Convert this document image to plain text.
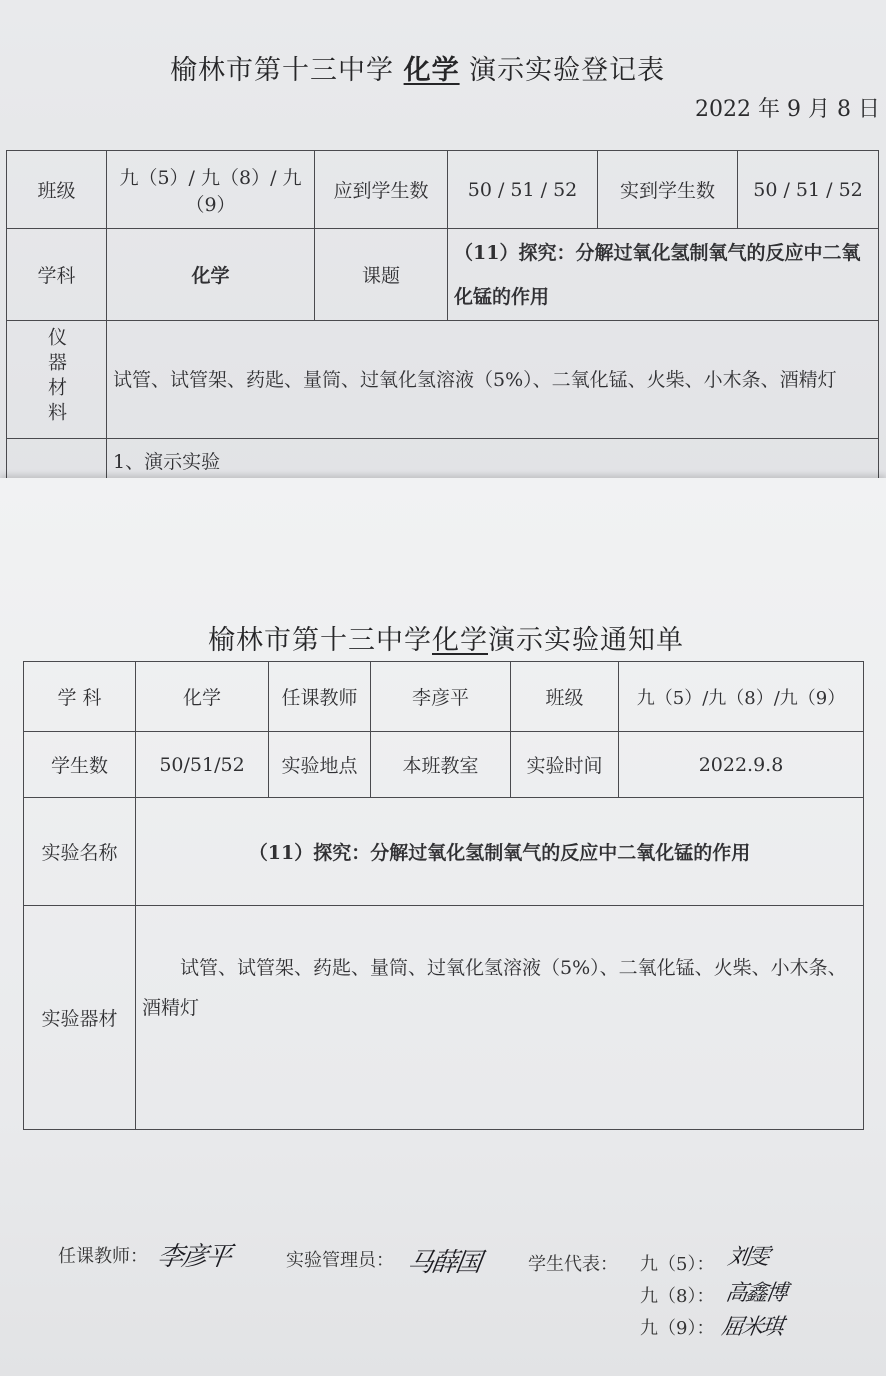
榆林市第十三中学 化学 演示实验登记表
2022 年 9 月 8 日
班级	九（5）/ 九（8）/ 九（9）	应到学生数	50 / 51 / 52	实到学生数	50 / 51 / 52
学科	化学	课题	（11）探究：分解过氧化氢制氧气的反应中二氧化锰的作用		
仪器材料	试管、试管架、药匙、量筒、过氧化氢溶液（5%）、二氧化锰、火柴、小木条、酒精灯				
	1、演示实验				
榆林市第十三中学化学演示实验通知单
学 科	化学	任课教师	李彦平	班级	九（5）/九（8）/九（9）
学生数	50/51/52	实验地点	本班教室	实验时间	2022.9.8
实验名称	（11）探究：分解过氧化氢制氧气的反应中二氧化锰的作用				
实验器材	试管、试管架、药匙、量筒、过氧化氢溶液（5%）、二氧化锰、火柴、小木条、酒精灯				
任课教师： 李彦平	实验管理员： 马薛国	学生代表： 九（5）： 刘雯
九（8）： 高鑫博
九（9）： 屈米琪
